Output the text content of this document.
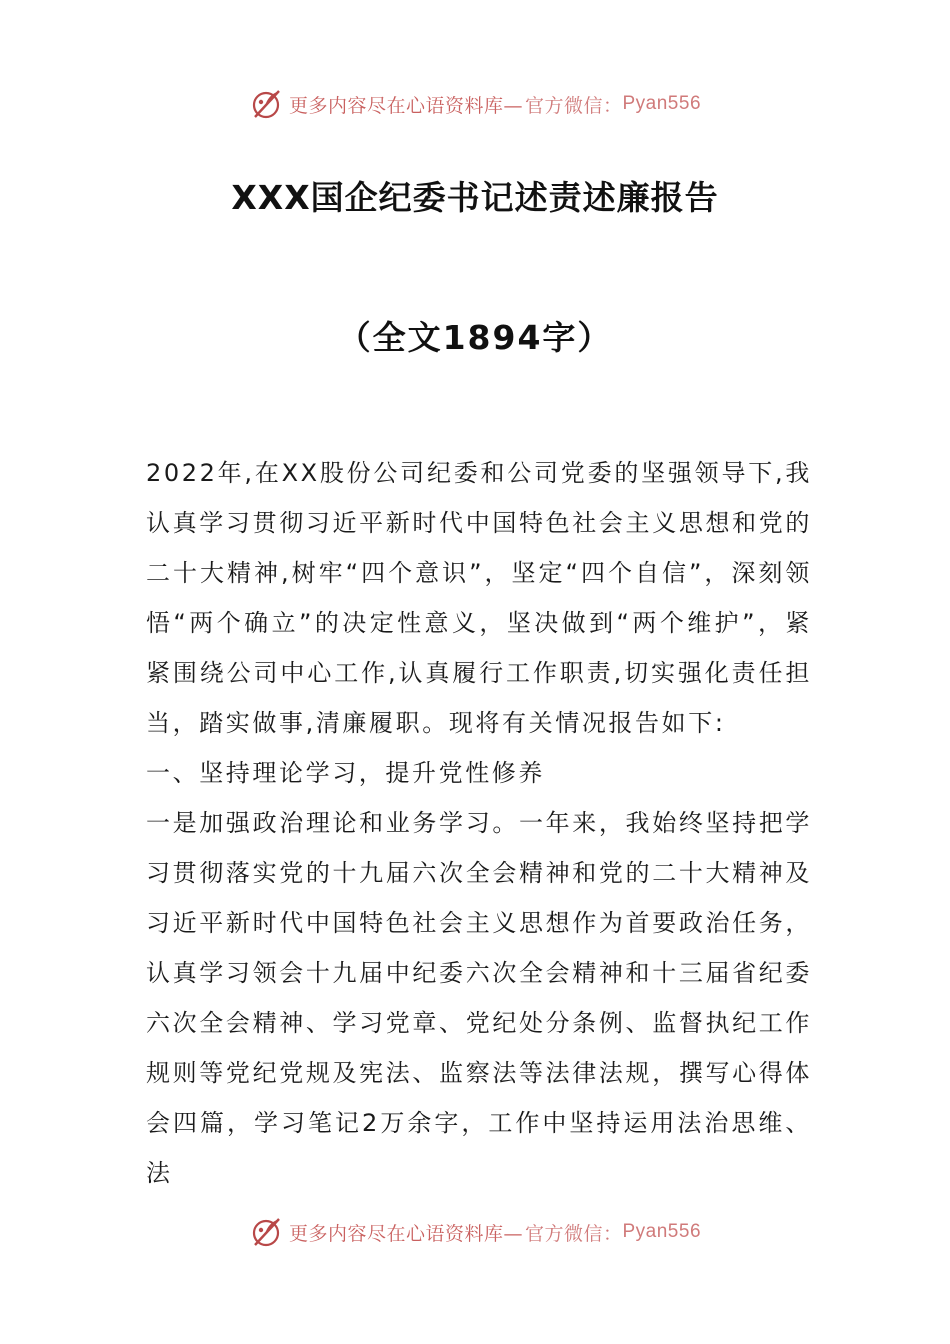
更多内容尽在心语资料库— 官方微信： Pyan556
XXX国企纪委书记述责述廉报告
（全文1894字）

2022年,在XX股份公司纪委和公司党委的坚强领导下,我认真学习贯彻习近平新时代中国特色社会主义思想和党的二十大精神,树牢“四个意识”，坚定“四个自信”，深刻领悟“两个确立”的决定性意义，坚决做到“两个维护”，紧紧围绕公司中心工作,认真履行工作职责,切实强化责任担当，踏实做事,清廉履职。现将有关情况报告如下:

一、坚持理论学习，提升党性修养

一是加强政治理论和业务学习。一年来，我始终坚持把学习贯彻落实党的十九届六次全会精神和党的二十大精神及习近平新时代中国特色社会主义思想作为首要政治任务，认真学习领会十九届中纪委六次全会精神和十三届省纪委六次全会精神、学习党章、党纪处分条例、监督执纪工作规则等党纪党规及宪法、监察法等法律法规，撰写心得体会四篇，学习笔记2万余字，工作中坚持运用法治思维、法

更多内容尽在心语资料库— 官方微信： Pyan556
